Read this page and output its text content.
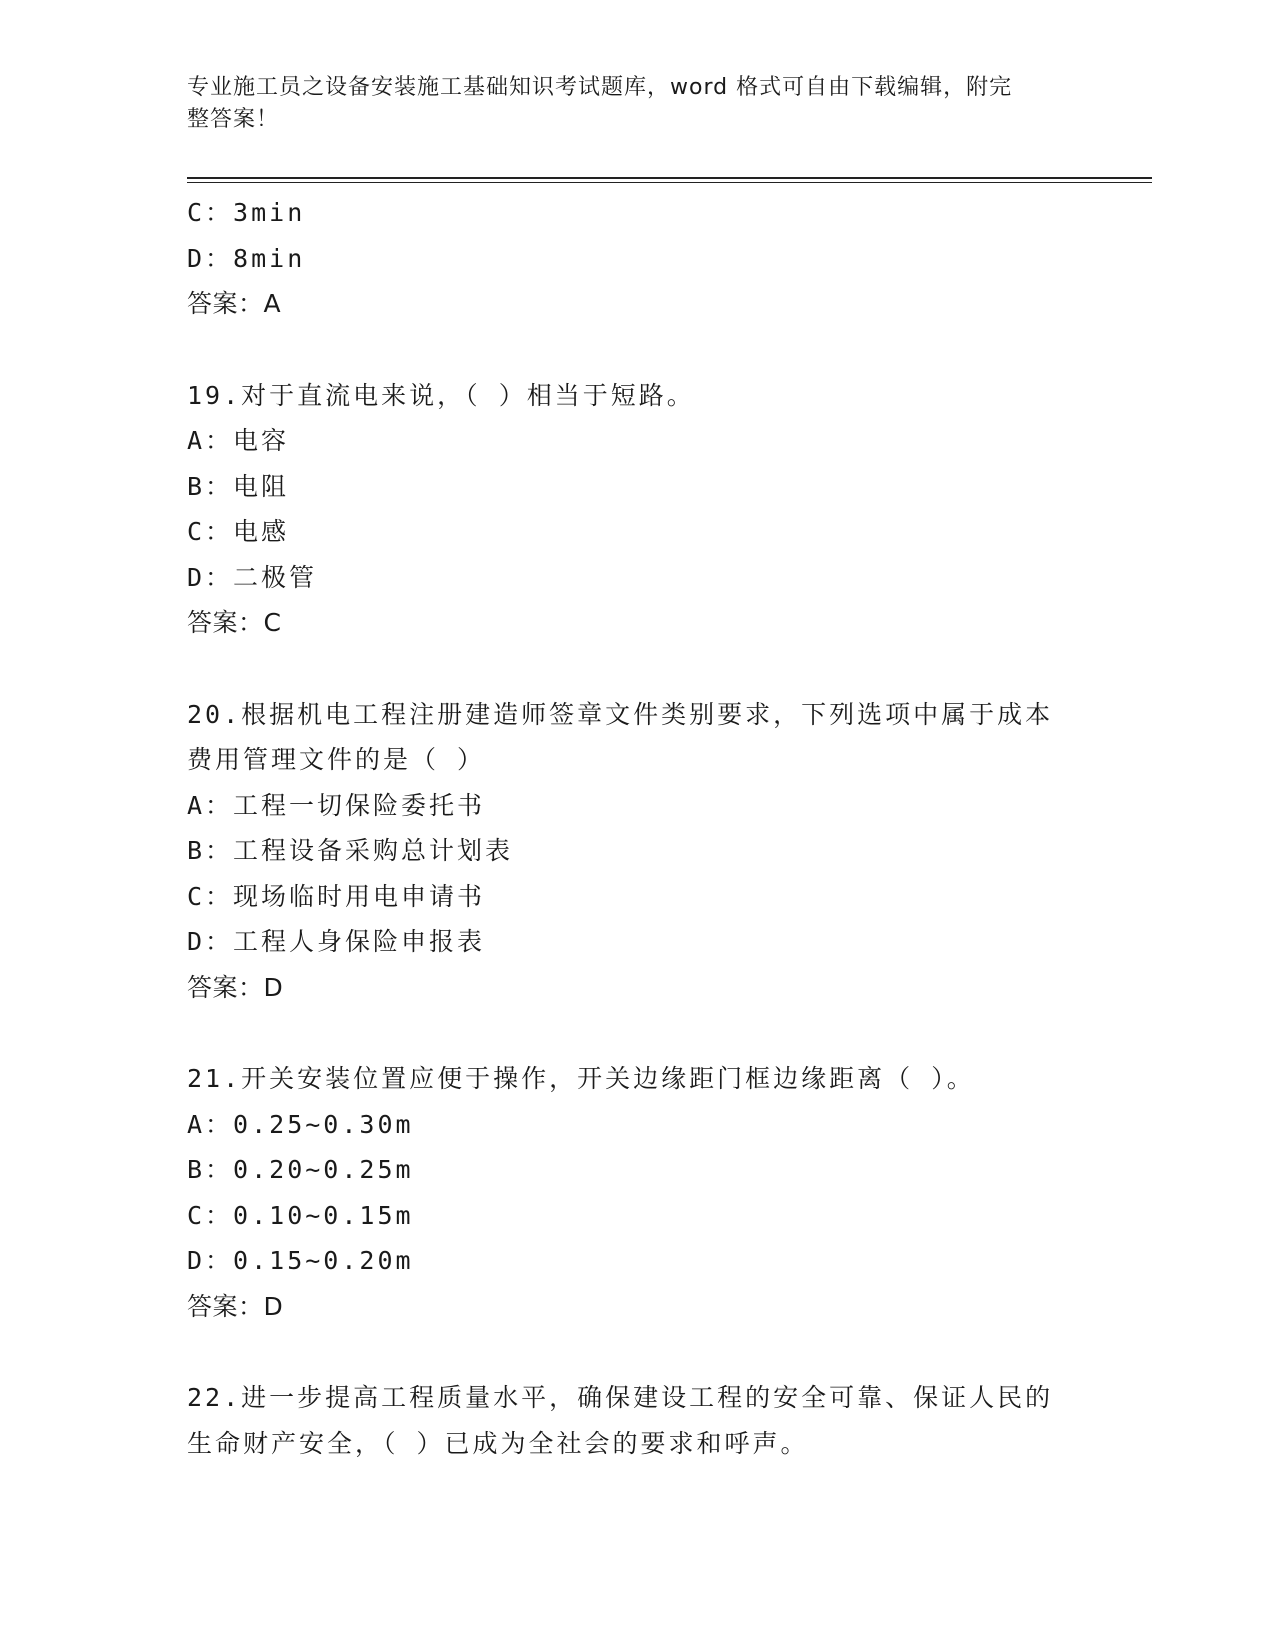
专业施工员之设备安装施工基础知识考试题库，word 格式可自由下载编辑，附完
整答案！
C：3min
D：8min
答案：A
19.对于直流电来说，（ ）相当于短路。
A：电容
B：电阻
C：电感
D：二极管
答案：C
20.根据机电工程注册建造师签章文件类别要求，下列选项中属于成本
费用管理文件的是（ ）
A：工程一切保险委托书
B：工程设备采购总计划表
C：现场临时用电申请书
D：工程人身保险申报表
答案：D
21.开关安装位置应便于操作，开关边缘距门框边缘距离（ ）。
A：0.25~0.30m
B：0.20~0.25m
C：0.10~0.15m
D：0.15~0.20m
答案：D
22.进一步提高工程质量水平，确保建设工程的安全可靠、保证人民的
生命财产安全，（ ）已成为全社会的要求和呼声。
